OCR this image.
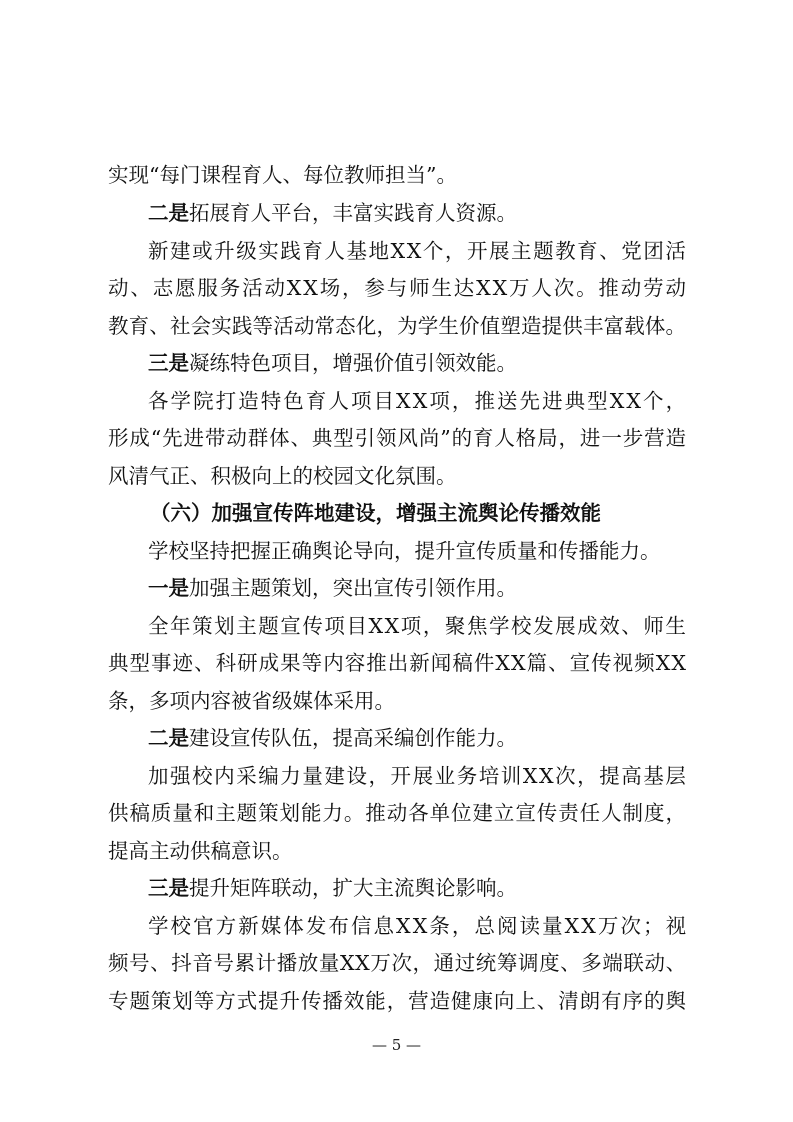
实现“每门课程育人、每位教师担当”。
二是拓展育人平台，丰富实践育人资源。
新建或升级实践育人基地XX个，开展主题教育、党团活
动、志愿服务活动XX场，参与师生达XX万人次。推动劳动
教育、社会实践等活动常态化，为学生价值塑造提供丰富载体。
三是凝练特色项目，增强价值引领效能。
各学院打造特色育人项目XX项，推送先进典型XX个，
形成“先进带动群体、典型引领风尚”的育人格局，进一步营造
风清气正、积极向上的校园文化氛围。
（六）加强宣传阵地建设，增强主流舆论传播效能
学校坚持把握正确舆论导向，提升宣传质量和传播能力。
一是加强主题策划，突出宣传引领作用。
全年策划主题宣传项目XX项，聚焦学校发展成效、师生
典型事迹、科研成果等内容推出新闻稿件XX篇、宣传视频XX
条，多项内容被省级媒体采用。
二是建设宣传队伍，提高采编创作能力。
加强校内采编力量建设，开展业务培训XX次，提高基层
供稿质量和主题策划能力。推动各单位建立宣传责任人制度，
提高主动供稿意识。
三是提升矩阵联动，扩大主流舆论影响。
学校官方新媒体发布信息XX条，总阅读量XX万次；视
频号、抖音号累计播放量XX万次，通过统筹调度、多端联动、
专题策划等方式提升传播效能，营造健康向上、清朗有序的舆
— 5 —
